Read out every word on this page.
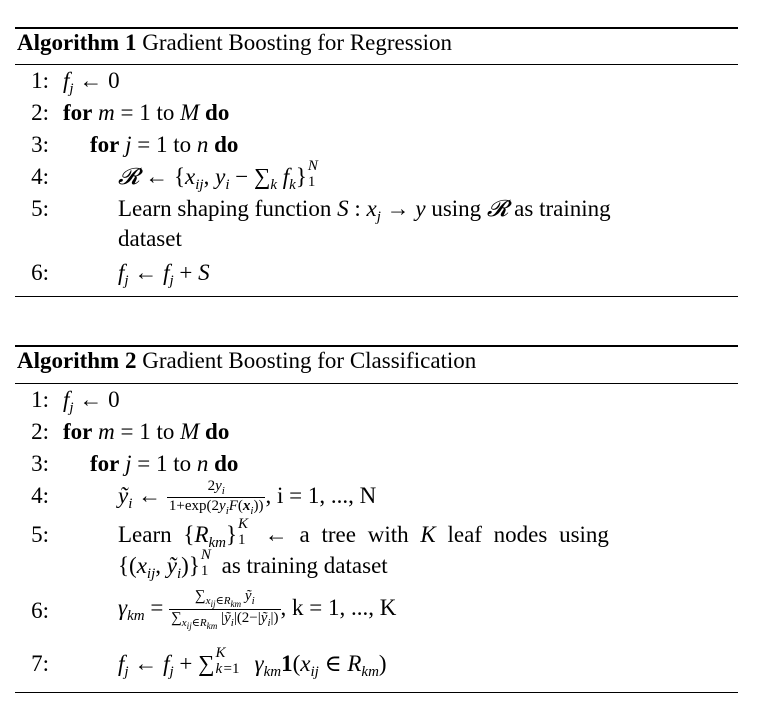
Algorithm 1 Gradient Boosting for Regression
1: $f_j$ ← 0
2: for m = 1 to M do
3: for j = 1 to n do
4:	𝓡 ← {$x_{ij}$, $y_i - \sum_k$ $f_k$} N
1
5:	Learn shaping function S : $x_j \to y$ using 𝓡 as training
dataset
6:	$f_j$ ← $f_j + S$
Algorithm 2 Gradient Boosting for Classification
1: $f_j$ ← 0
2: for m = 1 to M do
3: for j = 1 to n do
4:	ỹ$_i$ ← $\frac{2y_i}{1+\exp(2y_iF(x_i))}$ , i = 1, ..., N
5:	Learn $\{R_{km}\}$ K
1 ← a tree with K leaf nodes using
{($x_{ij}$, ỹ$_i$)} N
1 as training dataset
6:	$\gamma_{km} = \frac{\sum_{x_{ij}\in R_{km}} ỹ_i}{\sum_{x_{ij}\in R_{km}} |ỹ_i|(2-|ỹ_i|)}$ , k = 1, ..., K
7:	$f_j$ ← $f_j$ + ∑ K
k =1 $\gamma_{km}1(x_{ij}$ ∈ $R_{km}$)
